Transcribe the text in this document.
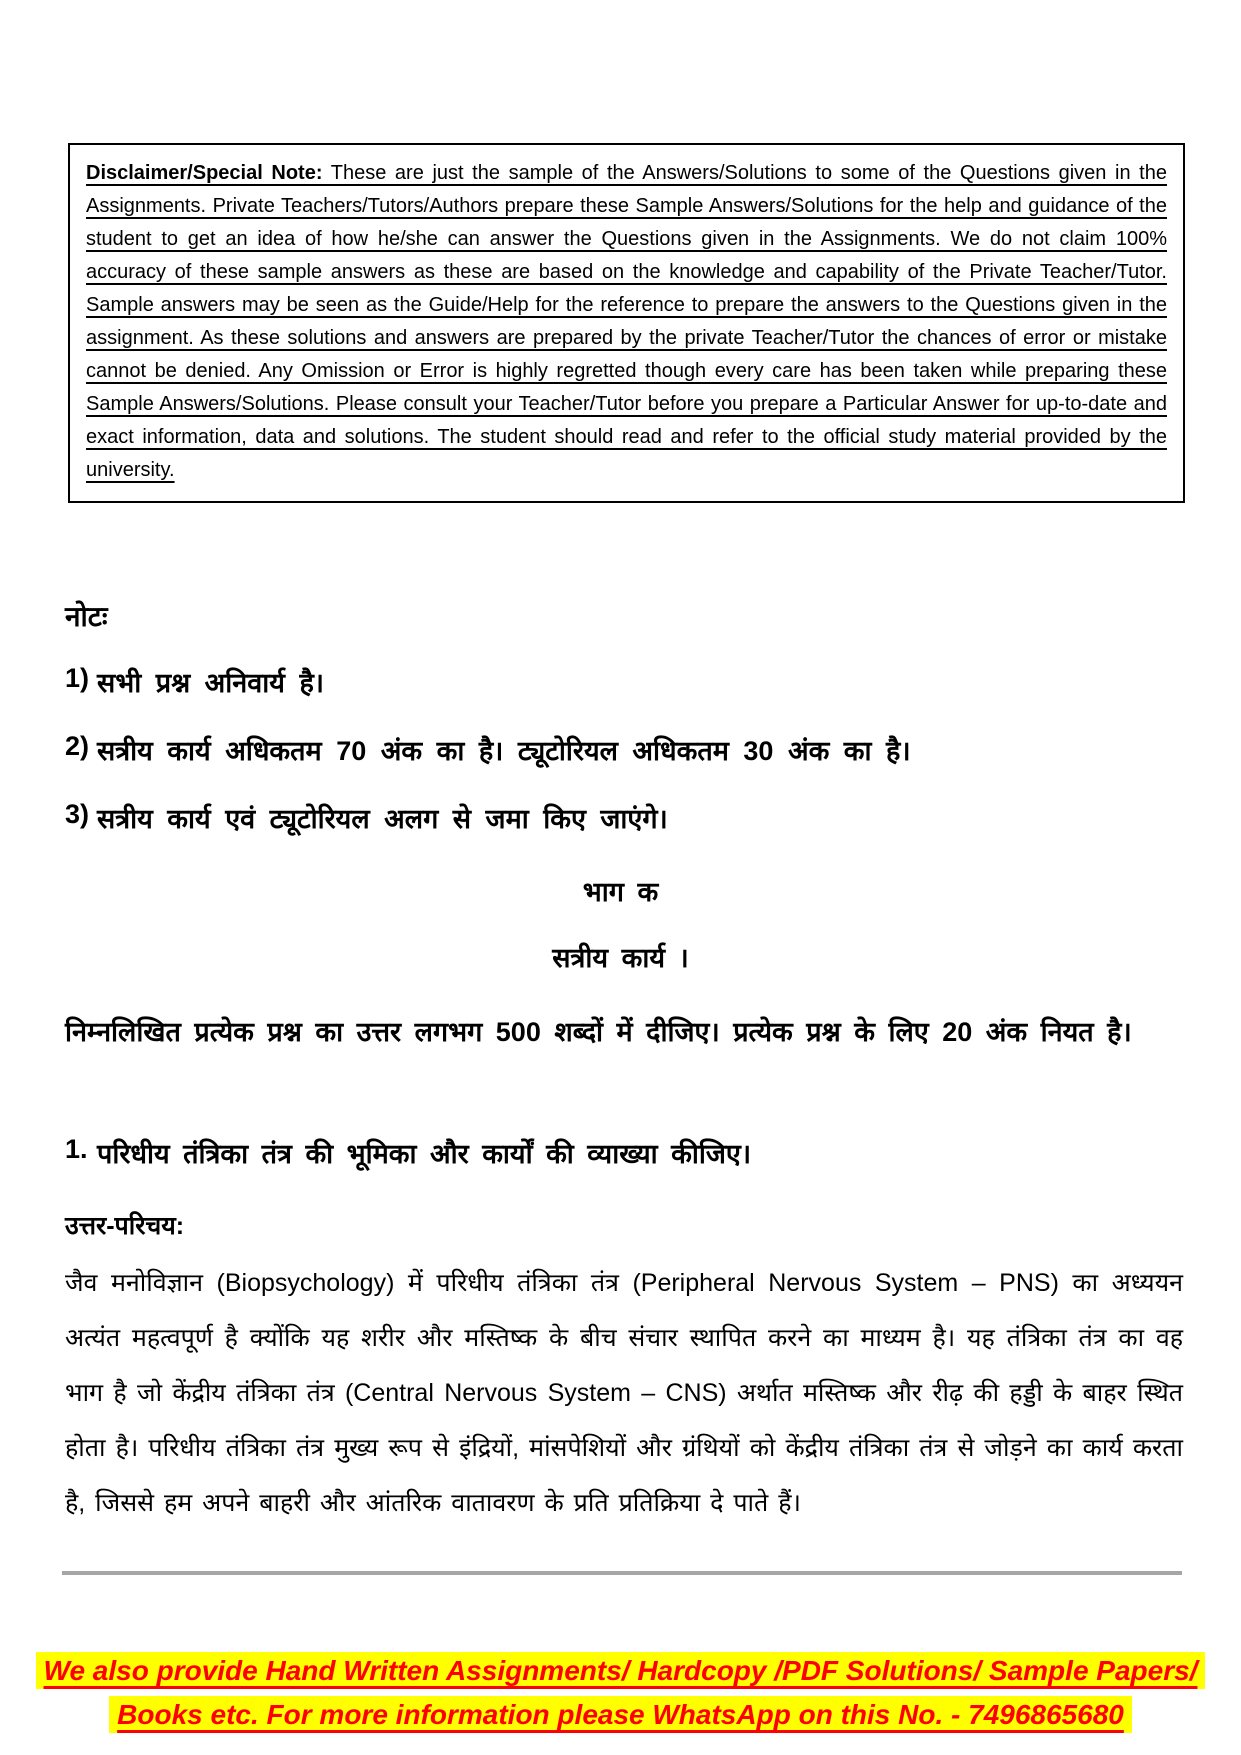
Disclaimer/Special Note: These are just the sample of the Answers/Solutions to some of the Questions given in the Assignments. Private Teachers/Tutors/Authors prepare these Sample Answers/Solutions for the help and guidance of the student to get an idea of how he/she can answer the Questions given in the Assignments. We do not claim 100% accuracy of these sample answers as these are based on the knowledge and capability of the Private Teacher/Tutor. Sample answers may be seen as the Guide/Help for the reference to prepare the answers to the Questions given in the assignment. As these solutions and answers are prepared by the private Teacher/Tutor the chances of error or mistake cannot be denied. Any Omission or Error is highly regretted though every care has been taken while preparing these Sample Answers/Solutions. Please consult your Teacher/Tutor before you prepare a Particular Answer for up-to-date and exact information, data and solutions. The student should read and refer to the official study material provided by the university.

नोटः
1) सभी प्रश्न अनिवार्य है।
2) सत्रीय कार्य अधिकतम 70 अंक का है। ट्यूटोरियल अधिकतम 30 अंक का है।
3) सत्रीय कार्य एवं ट्यूटोरियल अलग से जमा किए जाएंगे।
भाग क
सत्रीय कार्य ।
निम्नलिखित प्रत्येक प्रश्न का उत्तर लगभग 500 शब्दों में दीजिए। प्रत्येक प्रश्न के लिए 20 अंक नियत है।
1. परिधीय तंत्रिका तंत्र की भूमिका और कार्यों की व्याख्या कीजिए।
उत्तर-परिचय:
जैव मनोविज्ञान (Biopsychology) में परिधीय तंत्रिका तंत्र (Peripheral Nervous System – PNS) का अध्ययन अत्यंत महत्वपूर्ण है क्योंकि यह शरीर और मस्तिष्क के बीच संचार स्थापित करने का माध्यम है। यह तंत्रिका तंत्र का वह भाग है जो केंद्रीय तंत्रिका तंत्र (Central Nervous System – CNS) अर्थात मस्तिष्क और रीढ़ की हड्डी के बाहर स्थित होता है। परिधीय तंत्रिका तंत्र मुख्य रूप से इंद्रियों, मांसपेशियों और ग्रंथियों को केंद्रीय तंत्रिका तंत्र से जोड़ने का कार्य करता है, जिससे हम अपने बाहरी और आंतरिक वातावरण के प्रति प्रतिक्रिया दे पाते हैं।
We also provide Hand Written Assignments/ Hardcopy /PDF Solutions/ Sample Papers/
Books etc. For more information please WhatsApp on this No. - 7496865680
